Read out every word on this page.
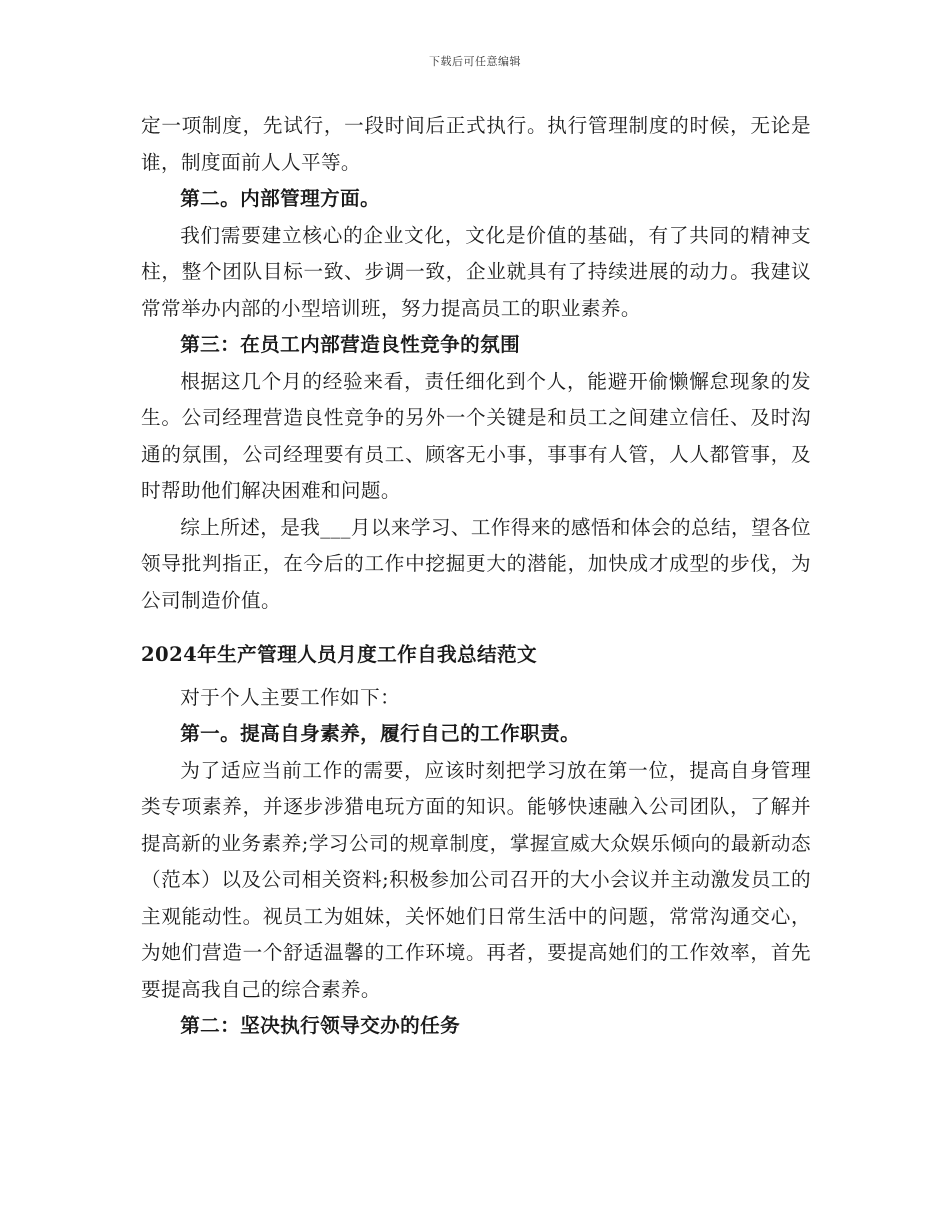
下载后可任意编辑

定一项制度，先试行，一段时间后正式执行。执行管理制度的时候，无论是谁，制度面前人人平等。

第二。内部管理方面。

我们需要建立核心的企业文化，文化是价值的基础，有了共同的精神支柱，整个团队目标一致、步调一致，企业就具有了持续进展的动力。我建议常常举办内部的小型培训班，努力提高员工的职业素养。

第三：在员工内部营造良性竞争的氛围

根据这几个月的经验来看，责任细化到个人，能避开偷懒懈怠现象的发生。公司经理营造良性竞争的另外一个关键是和员工之间建立信任、及时沟通的氛围，公司经理要有员工、顾客无小事，事事有人管，人人都管事，及时帮助他们解决困难和问题。

综上所述，是我___月以来学习、工作得来的感悟和体会的总结，望各位领导批判指正，在今后的工作中挖掘更大的潜能，加快成才成型的步伐，为公司制造价值。

2024年生产管理人员月度工作自我总结范文

对于个人主要工作如下：

第一。提高自身素养，履行自己的工作职责。

为了适应当前工作的需要，应该时刻把学习放在第一位，提高自身管理类专项素养，并逐步涉猎电玩方面的知识。能够快速融入公司团队，了解并提高新的业务素养;学习公司的规章制度，掌握宣威大众娱乐倾向的最新动态（范本）以及公司相关资料;积极参加公司召开的大小会议并主动激发员工的主观能动性。视员工为姐妹，关怀她们日常生活中的问题，常常沟通交心，为她们营造一个舒适温馨的工作环境。再者，要提高她们的工作效率，首先要提高我自己的综合素养。

第二：坚决执行领导交办的任务
